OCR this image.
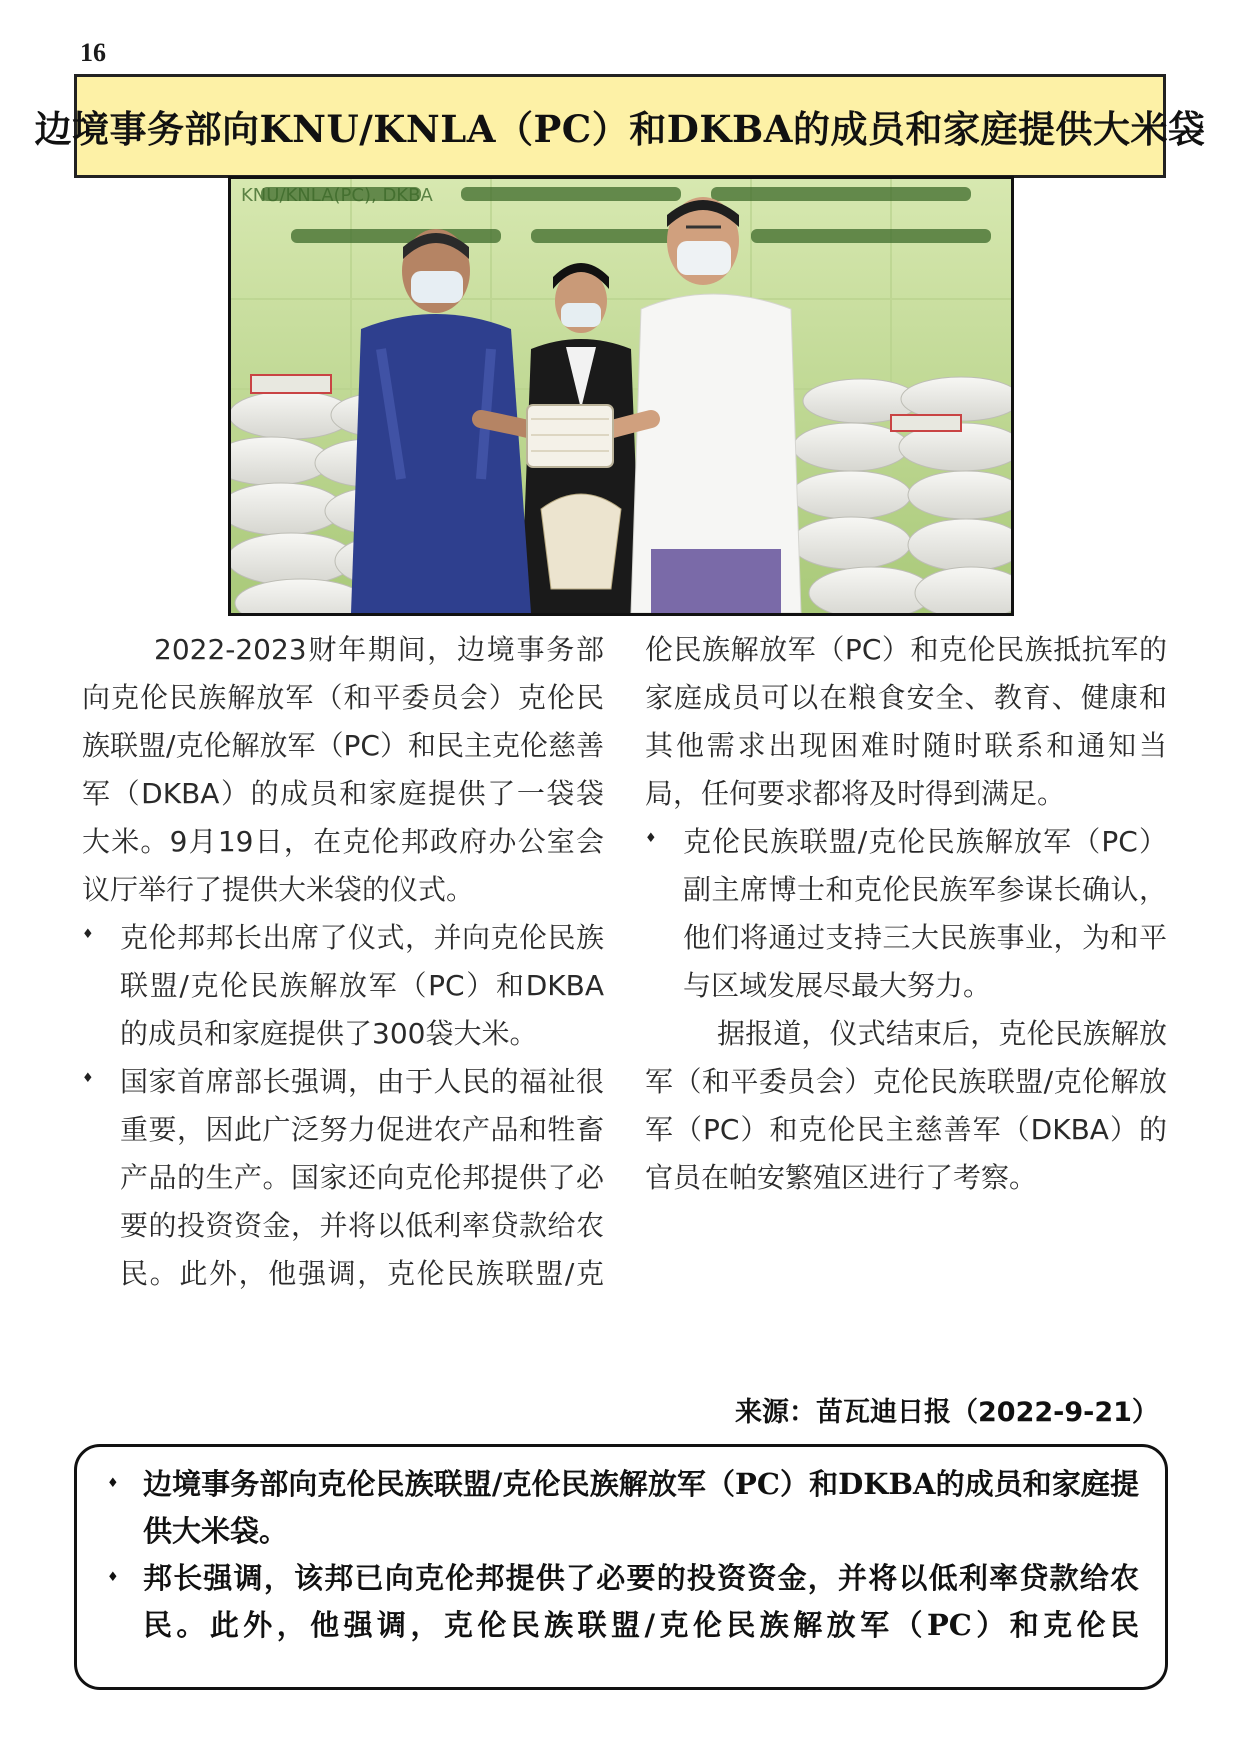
16
边境事务部向KNU/KNLA（PC）和DKBA的成员和家庭提供大米袋
KNU/KNLA(PC), DKBA

2022-2023财年期间，边境事务部向克伦民族解放军（和平委员会）克伦民族联盟/克伦解放军（PC）和民主克伦慈善军（DKBA）的成员和家庭提供了一袋袋大米。9月19日，在克伦邦政府办公室会议厅举行了提供大米袋的仪式。

♦ 克伦邦邦长出席了仪式，并向克伦民族联盟/克伦民族解放军（PC）和DKBA的成员和家庭提供了300袋大米。

♦ 国家首席部长强调，由于人民的福祉很重要，因此广泛努力促进农产品和牲畜产品的生产。国家还向克伦邦提供了必要的投资资金，并将以低利率贷款给农民。此外，他强调，克伦民族联盟/克

伦民族解放军（PC）和克伦民族抵抗军的家庭成员可以在粮食安全、教育、健康和其他需求出现困难时随时联系和通知当局，任何要求都将及时得到满足。

♦ 克伦民族联盟/克伦民族解放军（PC）副主席博士和克伦民族军参谋长确认，他们将通过支持三大民族事业，为和平与区域发展尽最大努力。

据报道，仪式结束后，克伦民族解放军（和平委员会）克伦民族联盟/克伦解放军（PC）和克伦民主慈善军（DKBA）的官员在帕安繁殖区进行了考察。

来源：苗瓦迪日报（2022-9-21）

♦ 边境事务部向克伦民族联盟/克伦民族解放军（PC）和DKBA的成员和家庭提供大米袋。

♦ 邦长强调，该邦已向克伦邦提供了必要的投资资金，并将以低利率贷款给农民。此外，他强调，克伦民族联盟/克伦民族解放军（PC）和克伦民
